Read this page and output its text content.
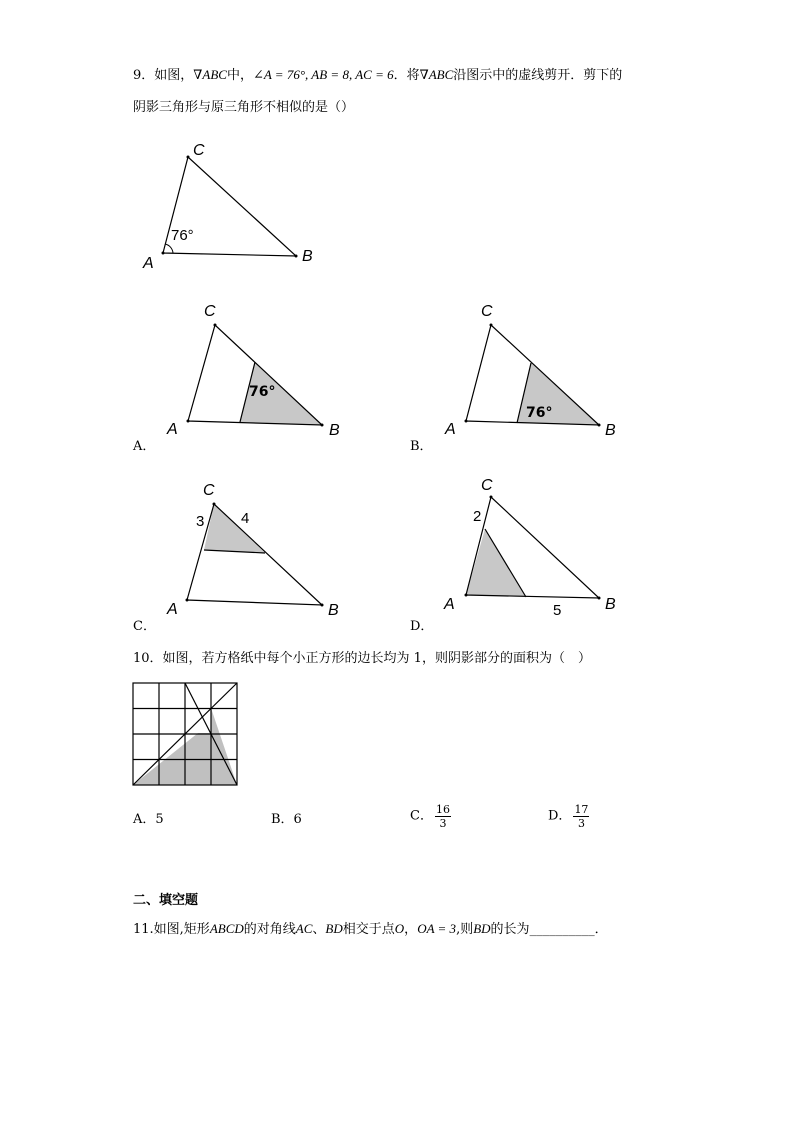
9．如图，∇ABC中，∠A = 76°, AB = 8, AC = 6．将∇ABC沿图示中的虚线剪开．剪下的
阴影三角形与原三角形不相似的是（）
C
A	B
76°
C
A	B
76°
C
A	B
76°
C
A	B
3 4
C
A	B
2
5
A．	B．
C．	D．
10．如图，若方格纸中每个小正方形的边长均为 1，则阴影部分的面积为（　）
A．5	B．6	C． $\frac{16}{3}$	D． $\frac{17}{3}$
二、填空题
11.如图,矩形ABCD的对角线AC、BD相交于点O，OA = 3,则BD的长为__________．
